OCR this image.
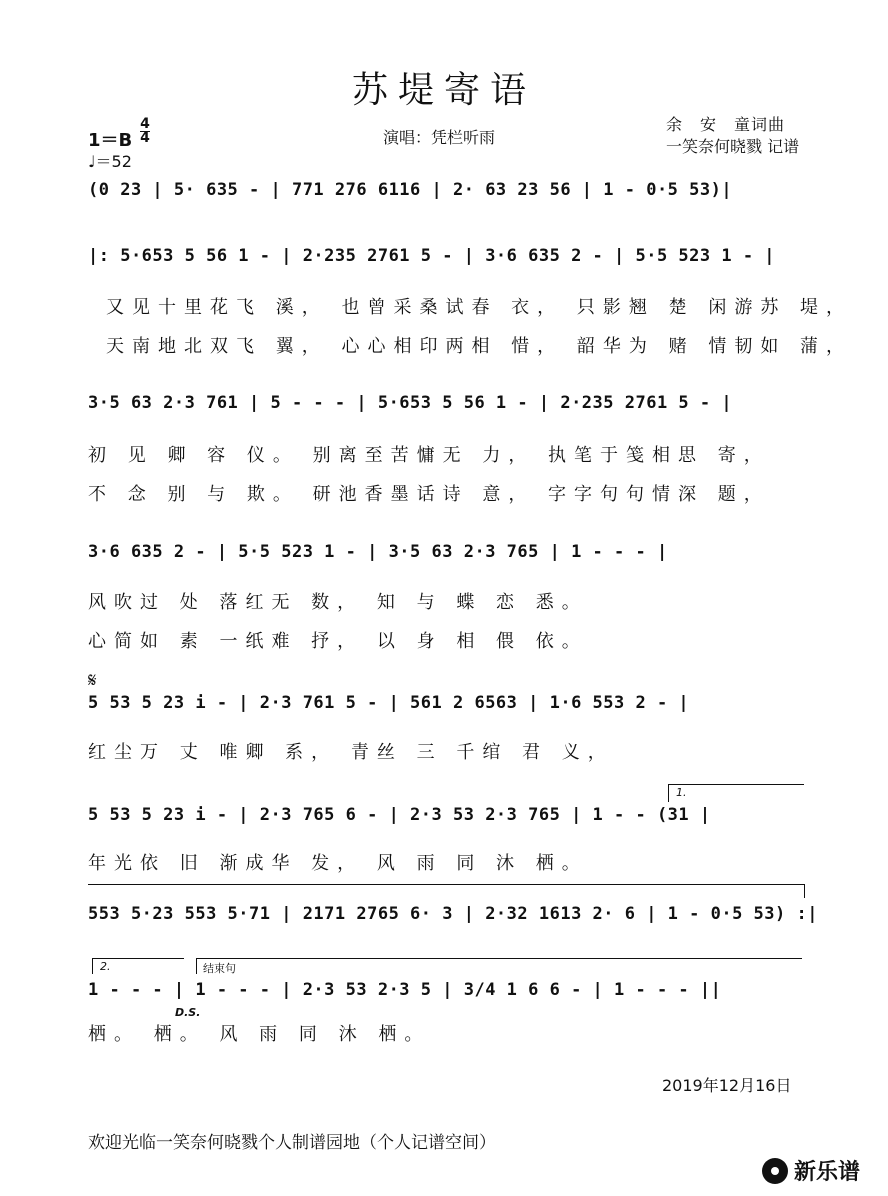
苏堤寄语
1＝B
4
4
♩＝52
演唱：凭栏听雨
余　安　童词曲
一笑奈何晓戮 记谱
(0 23 | 5· 635 - | 771 276 6116 | 2· 63 23 56 | 1 - 0·5 53)|
|: 5·653 5 56 1 - | 2·235 2761 5 - | 3·6 635 2 - | 5·5 523 1 - |
又见十里花飞 溪， 也曾采桑试春 衣， 只影翘 楚 闲游苏 堤，
天南地北双飞 翼， 心心相印两相 惜， 韶华为 赌 情韧如 蒲，
3·5 63 2·3 761 | 5 - - - | 5·653 5 56 1 - | 2·235 2761 5 - |
初 见 卿 容 仪。 别离至苦慵无 力， 执笔于笺相思 寄，
不 念 别 与 欺。 研池香墨话诗 意， 字字句句情深 题，
3·6 635 2 - | 5·5 523 1 - | 3·5 63 2·3 765 | 1 - - - |
风吹过 处 落红无 数， 知 与 蝶 恋 悉。
心简如 素 一纸难 抒， 以 身 相 偎 依。
𝄋
5 53 5 23 i - | 2·3 761 5 - | 561 2 6563 | 1·6 553 2 - |
红尘万 丈 唯卿 系， 青丝 三 千绾 君 义，
1.
5 53 5 23 i - | 2·3 765 6 - | 2·3 53 2·3 765 | 1 - - (31 |
年光依 旧 渐成华 发， 风 雨 同 沐 栖。
553 5·23 553 5·71 | 2171 2765 6· 3 | 2·32 1613 2· 6 | 1 - 0·5 53) :|
2.	结束句
1 - - - | 1 - - - | 2·3 53 2·3 5 | 3/4 1 6 6 - | 1 - - - ||
D.S.
栖。 栖。 风 雨 同 沐 栖。
2019年12月16日
欢迎光临一笑奈何晓戮个人制谱园地（个人记谱空间）
新乐谱
